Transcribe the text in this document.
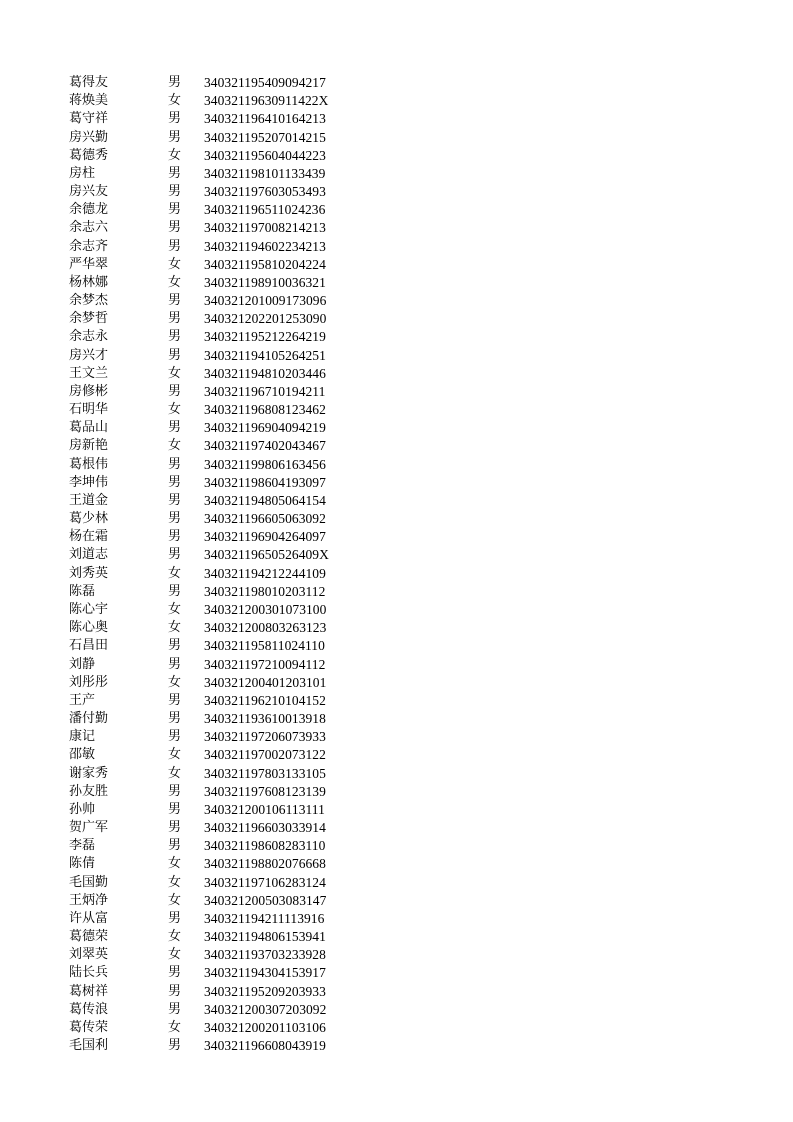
葛得友	男 340321195409094217
蒋焕美	女 34032119630911422X
葛守祥	男 340321196410164213
房兴勤	男 340321195207014215
葛德秀	女 340321195604044223
房柱	男 340321198101133439
房兴友	男 340321197603053493
余德龙	男 340321196511024236
余志六	男 340321197008214213
余志齐	男 340321194602234213
严华翠	女 340321195810204224
杨林娜	女 340321198910036321
余梦杰	男 340321201009173096
余梦哲	男 340321202201253090
余志永	男 340321195212264219
房兴才	男 340321194105264251
王文兰	女 340321194810203446
房修彬	男 340321196710194211
石明华	女 340321196808123462
葛品山	男 340321196904094219
房新艳	女 340321197402043467
葛根伟	男 340321199806163456
李坤伟	男 340321198604193097
王道金	男 340321194805064154
葛少林	男 340321196605063092
杨在霜	男 340321196904264097
刘道志	男 34032119650526409X
刘秀英	女 340321194212244109
陈磊	男 340321198010203112
陈心宇	女 340321200301073100
陈心奥	女 340321200803263123
石昌田	男 340321195811024110
刘静	男 340321197210094112
刘彤彤	女 340321200401203101
王产	男 340321196210104152
潘付勤	男 340321193610013918
康记	男 340321197206073933
邵敏	女 340321197002073122
谢家秀	女 340321197803133105
孙友胜	男 340321197608123139
孙帅	男 340321200106113111
贺广军	男 340321196603033914
李磊	男 340321198608283110
陈倩	女 340321198802076668
毛国勤	女 340321197106283124
王炳净	女 340321200503083147
许从富	男 340321194211113916
葛德荣	女 340321194806153941
刘翠英	女 340321193703233928
陆长兵	男 340321194304153917
葛树祥	男 340321195209203933
葛传浪	男 340321200307203092
葛传荣	女 340321200201103106
毛国利	男 340321196608043919
